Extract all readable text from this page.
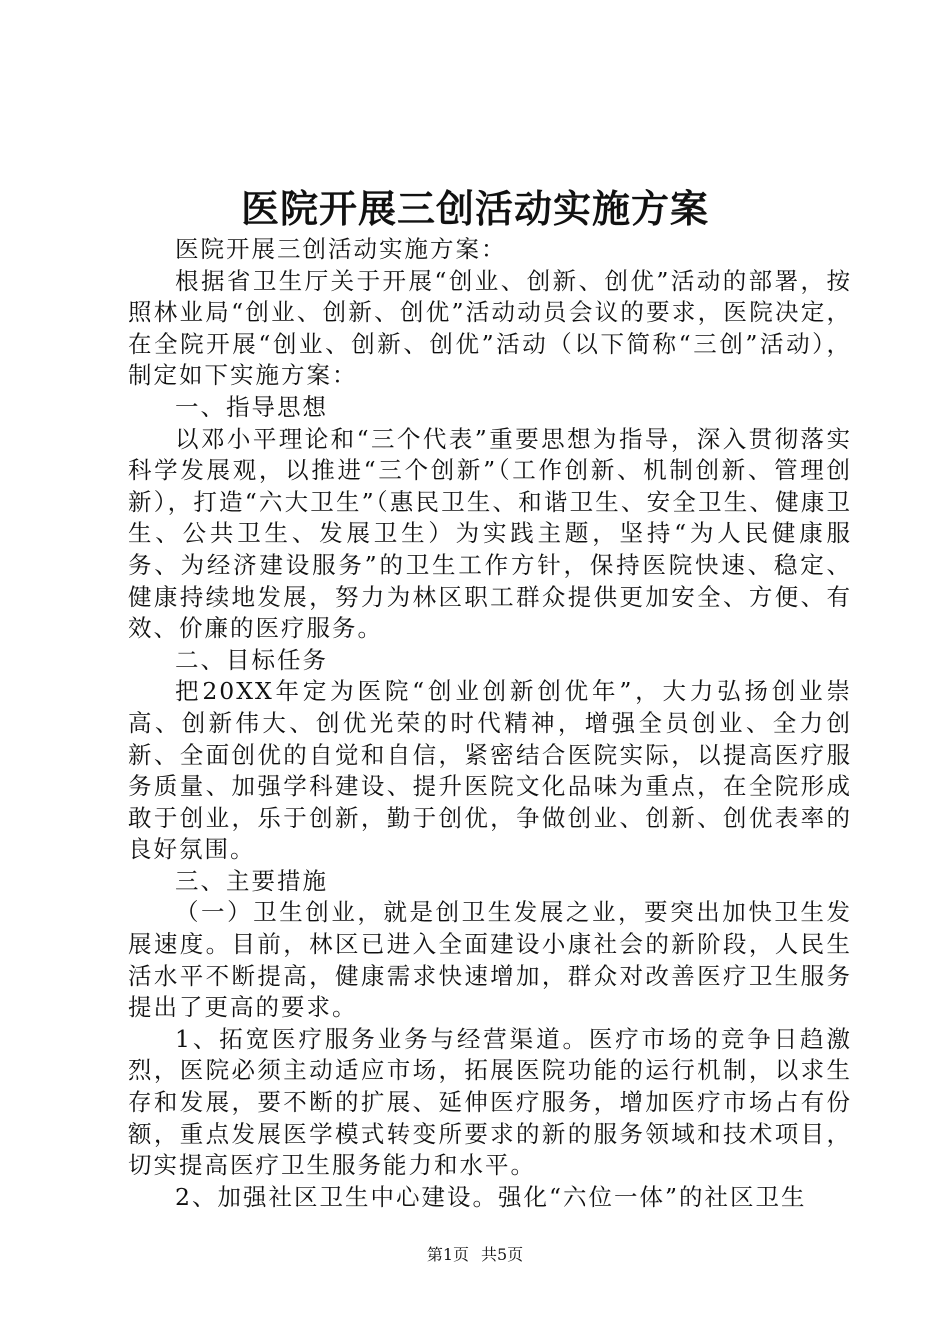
医院开展三创活动实施方案

医院开展三创活动实施方案：

根据省卫生厅关于开展“创业、创新、创优”活动的部署，按照林业局“创业、创新、创优”活动动员会议的要求，医院决定，在全院开展“创业、创新、创优”活动（以下简称“三创”活动），制定如下实施方案：

一、指导思想

以邓小平理论和“三个代表”重要思想为指导，深入贯彻落实科学发展观，以推进“三个创新”（工作创新、机制创新、管理创新），打造“六大卫生”（惠民卫生、和谐卫生、安全卫生、健康卫生、公共卫生、发展卫生）为实践主题，坚持“为人民健康服务、为经济建设服务”的卫生工作方针，保持医院快速、稳定、健康持续地发展，努力为林区职工群众提供更加安全、方便、有效、价廉的医疗服务。

二、目标任务

把20XX年定为医院“创业创新创优年”，大力弘扬创业崇高、创新伟大、创优光荣的时代精神，增强全员创业、全力创新、全面创优的自觉和自信，紧密结合医院实际，以提高医疗服务质量、加强学科建设、提升医院文化品味为重点，在全院形成敢于创业，乐于创新，勤于创优，争做创业、创新、创优表率的良好氛围。

三、主要措施

（一）卫生创业，就是创卫生发展之业，要突出加快卫生发展速度。目前，林区已进入全面建设小康社会的新阶段，人民生活水平不断提高，健康需求快速增加，群众对改善医疗卫生服务提出了更高的要求。

1、拓宽医疗服务业务与经营渠道。医疗市场的竞争日趋激烈，医院必须主动适应市场，拓展医院功能的运行机制，以求生存和发展，要不断的扩展、延伸医疗服务，增加医疗市场占有份额，重点发展医学模式转变所要求的新的服务领域和技术项目，切实提高医疗卫生服务能力和水平。

2、加强社区卫生中心建设。强化“六位一体”的社区卫生

第1页 共5页
